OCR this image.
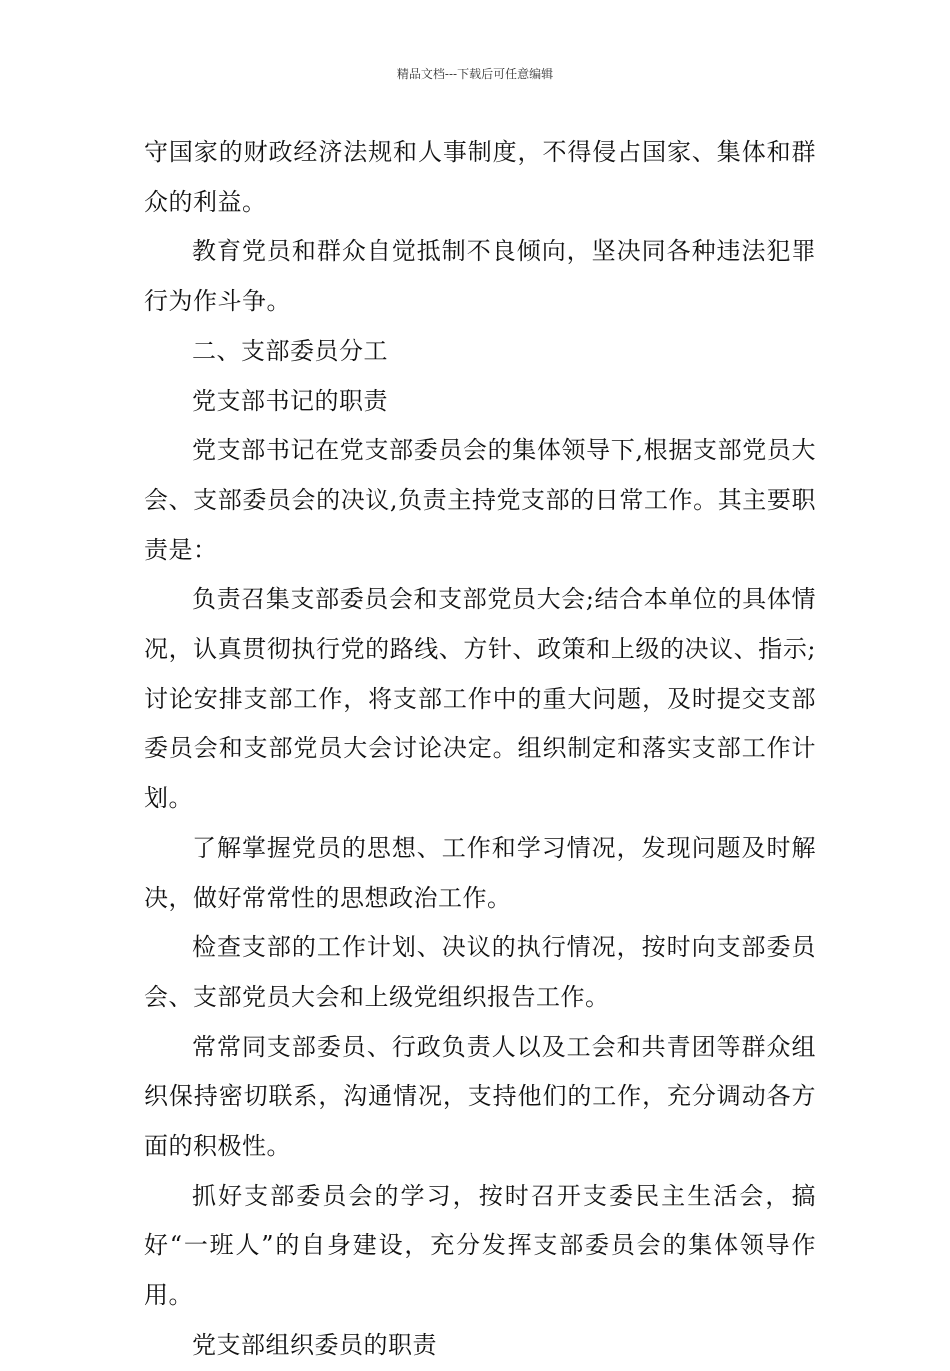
精品文档---下载后可任意编辑

守国家的财政经济法规和人事制度，不得侵占国家、集体和群众的利益。

教育党员和群众自觉抵制不良倾向，坚决同各种违法犯罪行为作斗争。

二、支部委员分工

党支部书记的职责

党支部书记在党支部委员会的集体领导下,根据支部党员大会、支部委员会的决议,负责主持党支部的日常工作。其主要职责是：

负责召集支部委员会和支部党员大会;结合本单位的具体情况，认真贯彻执行党的路线、方针、政策和上级的决议、指示;讨论安排支部工作，将支部工作中的重大问题，及时提交支部委员会和支部党员大会讨论决定。组织制定和落实支部工作计划。

了解掌握党员的思想、工作和学习情况，发现问题及时解决，做好常常性的思想政治工作。

检查支部的工作计划、决议的执行情况，按时向支部委员会、支部党员大会和上级党组织报告工作。

常常同支部委员、行政负责人以及工会和共青团等群众组织保持密切联系，沟通情况，支持他们的工作，充分调动各方面的积极性。

抓好支部委员会的学习，按时召开支委民主生活会，搞好“一班人”的自身建设，充分发挥支部委员会的集体领导作用。

党支部组织委员的职责
